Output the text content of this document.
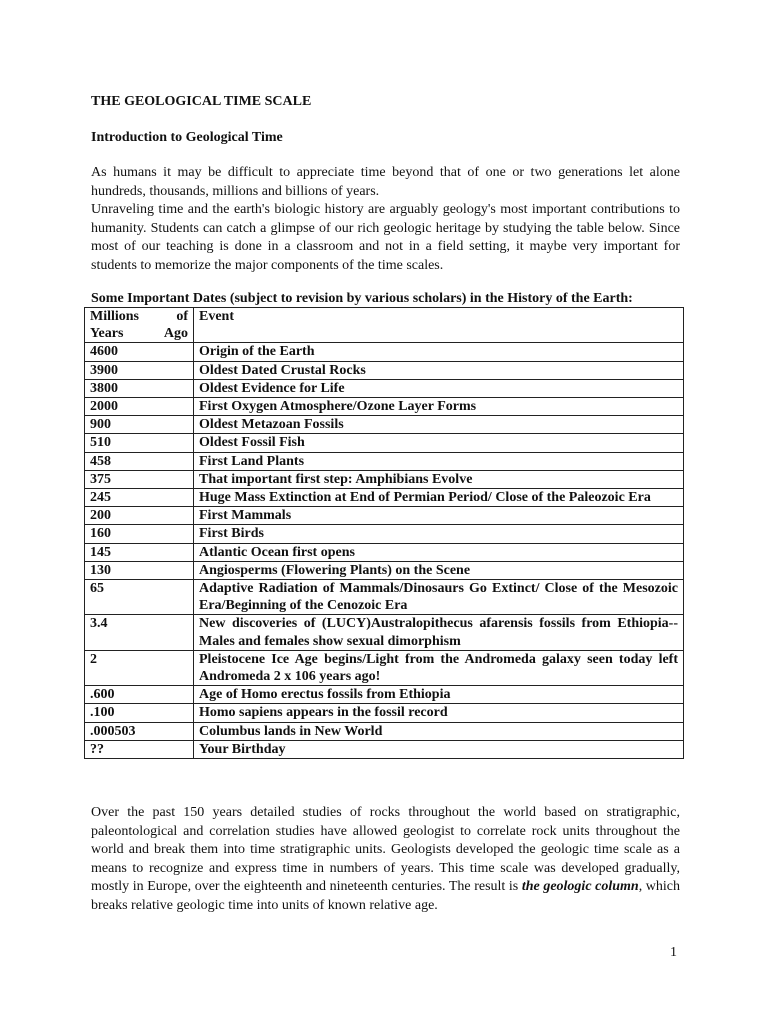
THE GEOLOGICAL TIME SCALE
Introduction to Geological Time

As humans it may be difficult to appreciate time beyond that of one or two generations let alone hundreds, thousands, millions and billions of years.

Unraveling time and the earth's biologic history are arguably geology's most important contributions to humanity. Students can catch a glimpse of our rich geologic heritage by studying the table below. Since most of our teaching is done in a classroom and not in a field setting, it maybe very important for students to memorize the major components of the time scales.

Some Important Dates (subject to revision by various scholars) in the History of the Earth:
Millions of Years Ago	Event
4600	Origin of the Earth
3900	Oldest Dated Crustal Rocks
3800	Oldest Evidence for Life
2000	First Oxygen Atmosphere/Ozone Layer Forms
900	Oldest Metazoan Fossils
510	Oldest Fossil Fish
458	First Land Plants
375	That important first step: Amphibians Evolve
245	Huge Mass Extinction at End of Permian Period/ Close of the Paleozoic Era
200	First Mammals
160	First Birds
145	Atlantic Ocean first opens
130	Angiosperms (Flowering Plants) on the Scene
65	Adaptive Radiation of Mammals/Dinosaurs Go Extinct/ Close of the Mesozoic Era/Beginning of the Cenozoic Era
3.4	New discoveries of (LUCY)Australopithecus afarensis fossils from Ethiopia--Males and females show sexual dimorphism
2	Pleistocene Ice Age begins/Light from the Andromeda galaxy seen today left Andromeda 2 x 106 years ago!
.600	Age of Homo erectus fossils from Ethiopia
.100	Homo sapiens appears in the fossil record
.000503	Columbus lands in New World
??	Your Birthday

Over the past 150 years detailed studies of rocks throughout the world based on stratigraphic, paleontological and correlation studies have allowed geologist to correlate rock units throughout the world and break them into time stratigraphic units. Geologists developed the geologic time scale as a means to recognize and express time in numbers of years. This time scale was developed gradually, mostly in Europe, over the eighteenth and nineteenth centuries. The result is the geologic column, which breaks relative geologic time into units of known relative age.

1
